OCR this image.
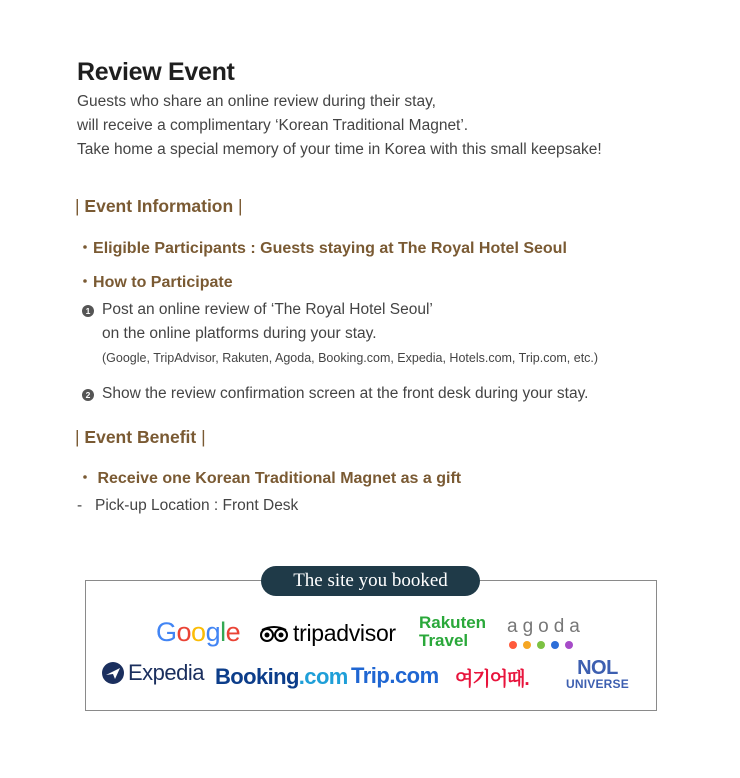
Review Event
Guests who share an online review during their stay,
will receive a complimentary ‘Korean Traditional Magnet’.
Take home a special memory of your time in Korea with this small keepsake!
| Event Information |
・Eligible Participants : Guests staying at The Royal Hotel Seoul
・How to Participate
1 Post an online review of ‘The Royal Hotel Seoul’
on the online platforms during your stay.
(Google, TripAdvisor, Rakuten, Agoda, Booking.com, Expedia, Hotels.com, Trip.com, etc.)
2 Show the review confirmation screen at the front desk during your stay.
| Event Benefit |
・ Receive one Korean Traditional Magnet as a gift
- Pick-up Location : Front Desk
The site you booked
Google tripadvisor Rakuten
Travel
agoda
Expedia Booking.com Trip.com 여기어때.
NOL
UNIVERSE
